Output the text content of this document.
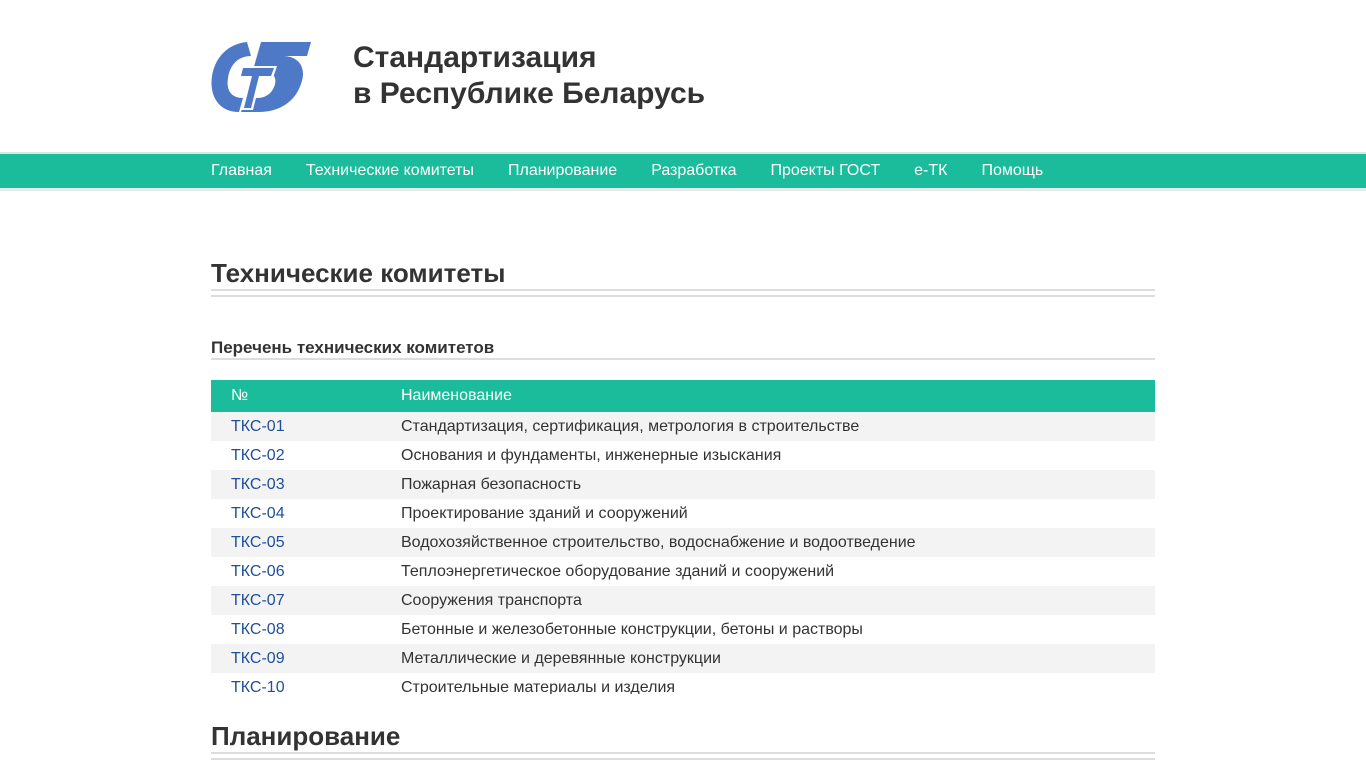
Стандартизация
в Республике Беларусь
Главная Технические комитеты Планирование Разработка Проекты ГОСТ е-ТК Помощь
Технические комитеты
Перечень технических комитетов
№	Наименование
ТКС-01	Стандартизация, сертификация, метрология в строительстве
ТКС-02	Основания и фундаменты, инженерные изыскания
ТКС-03	Пожарная безопасность
ТКС-04	Проектирование зданий и сооружений
ТКС-05	Водохозяйственное строительство, водоснабжение и водоотведение
ТКС-06	Теплоэнергетическое оборудование зданий и сооружений
ТКС-07	Сооружения транспорта
ТКС-08	Бетонные и железобетонные конструкции, бетоны и растворы
ТКС-09	Металлические и деревянные конструкции
ТКС-10	Строительные материалы и изделия
Планирование
